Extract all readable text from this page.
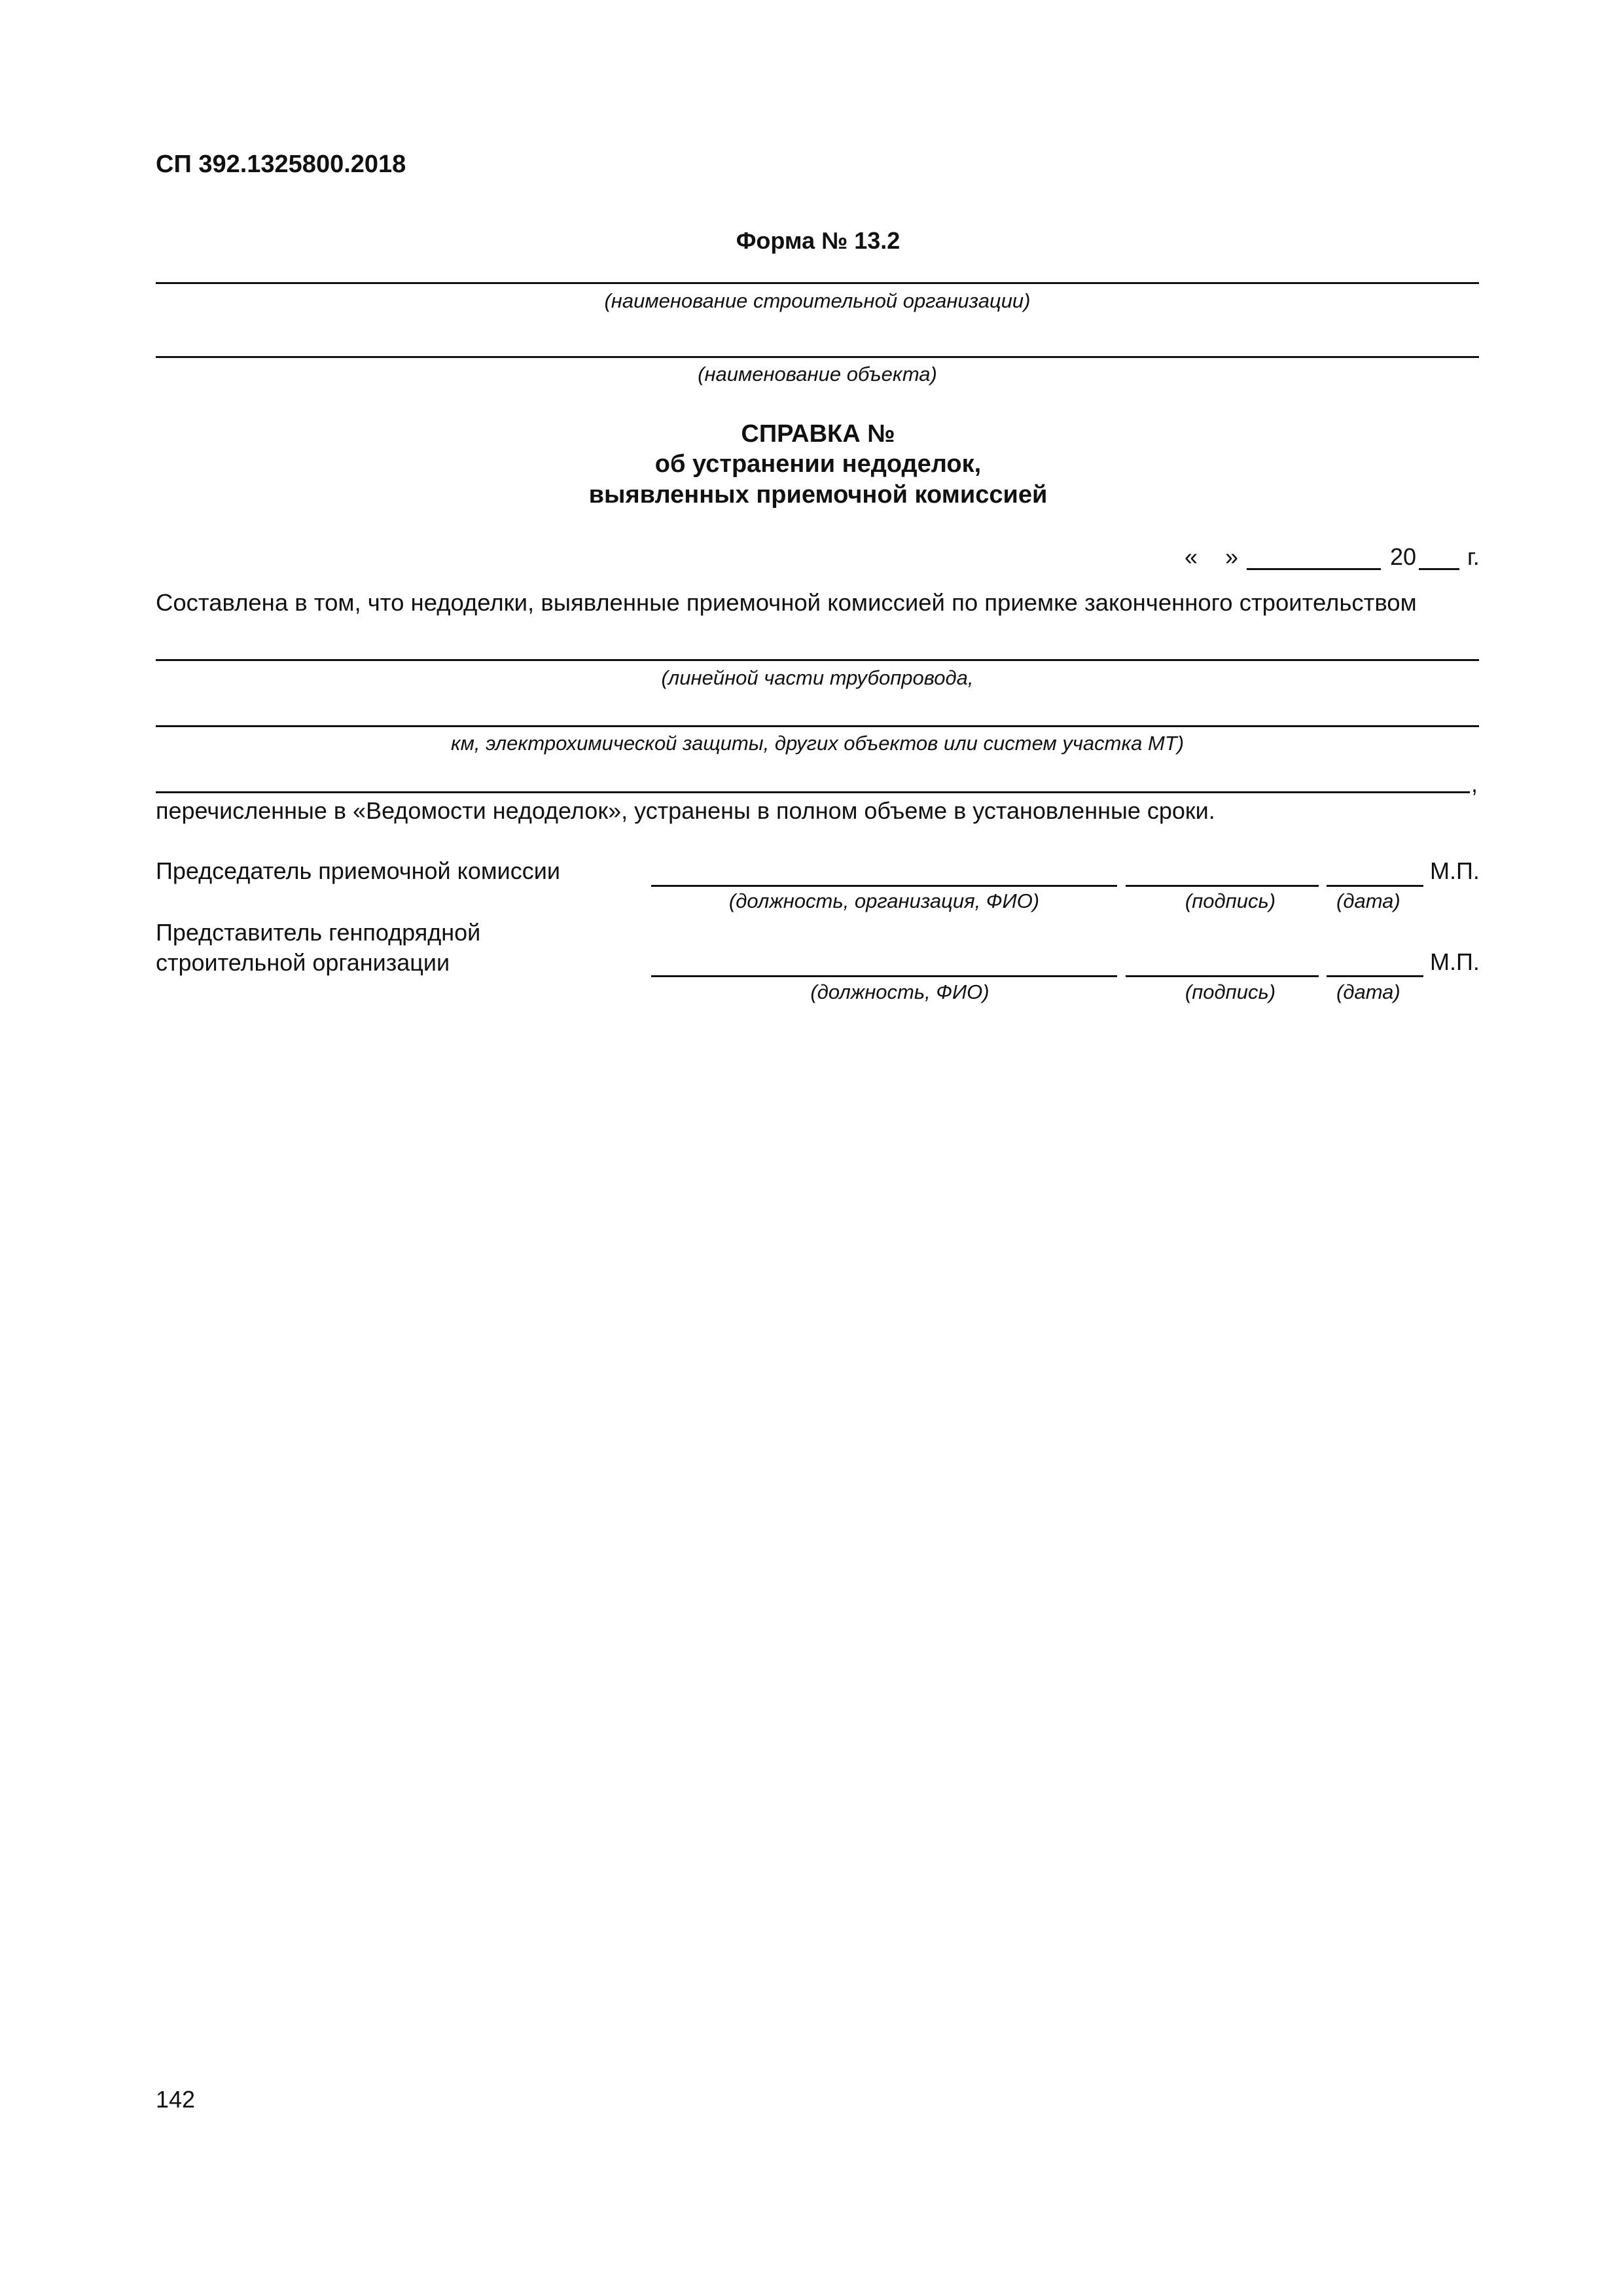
СП 392.1325800.2018
Форма № 13.2
(наименование строительной организации)
(наименование объекта)
СПРАВКА №
об устранении недоделок,
выявленных приемочной комиссией
« »	20 г.
Составлена в том, что недоделки, выявленные приемочной комиссией по приемке законченного строительством
(линейной части трубопровода,
км, электрохимической защиты, других объектов или систем участка МТ)
,
перечисленные в «Ведомости недоделок», устранены в полном объеме в установленные сроки.
Председатель приемочной комиссии	М.П.
(должность, организация, ФИО)	(подпись)	(дата)
Представитель генподрядной
строительной организации	М.П.
(должность, ФИО)	(подпись)	(дата)
142
